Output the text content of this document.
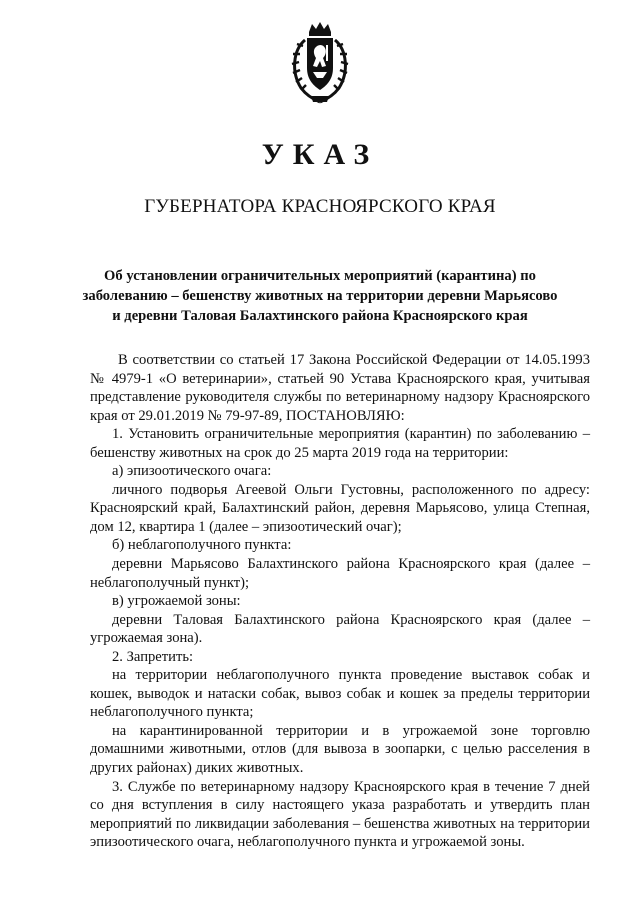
УКАЗ
ГУБЕРНАТОРА КРАСНОЯРСКОГО КРАЯ
Об установлении ограничительных мероприятий (карантина) по
заболеванию – бешенству животных на территории деревни Марьясово
и деревни Таловая Балахтинского района Красноярского края

В соответствии со статьей 17 Закона Российской Федерации от 14.05.1993 № 4979-1 «О ветеринарии», статьей 90 Устава Красноярского края, учитывая представление руководителя службы по ветеринарному надзору Красноярского края от 29.01.2019 № 79-97-89, ПОСТАНОВЛЯЮ:

1. Установить ограничительные мероприятия (карантин) по заболеванию – бешенству животных на срок до 25 марта 2019 года на территории:

а) эпизоотического очага:

личного подворья Агеевой Ольги Густовны, расположенного по адресу: Красноярский край, Балахтинский район, деревня Марьясово, улица Степная, дом 12, квартира 1 (далее – эпизоотический очаг);

б) неблагополучного пункта:

деревни Марьясово Балахтинского района Красноярского края (далее – неблагополучный пункт);

в) угрожаемой зоны:

деревни Таловая Балахтинского района Красноярского края (далее – угрожаемая зона).

2. Запретить:

на территории неблагополучного пункта проведение выставок собак и кошек, выводок и натаски собак, вывоз собак и кошек за пределы территории неблагополучного пункта;

на карантинированной территории и в угрожаемой зоне торговлю домашними животными, отлов (для вывоза в зоопарки, с целью расселения в других районах) диких животных.

3. Службе по ветеринарному надзору Красноярского края в течение 7 дней со дня вступления в силу настоящего указа разработать и утвердить план мероприятий по ликвидации заболевания – бешенства животных на территории эпизоотического очага, неблагополучного пункта и угрожаемой зоны.
